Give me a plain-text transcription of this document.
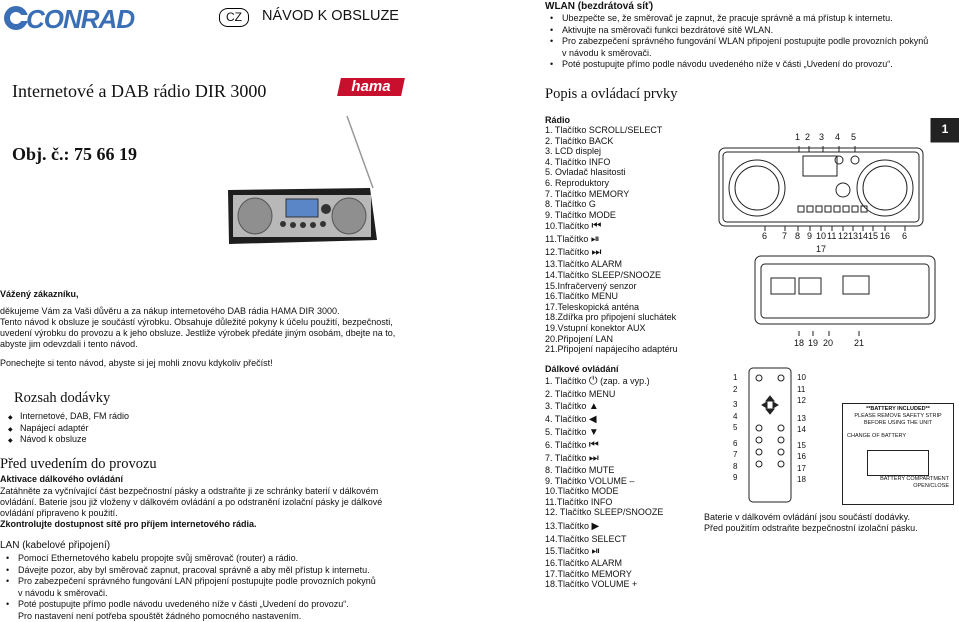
CONRAD	CZ	NÁVOD K OBSLUZE
Internetové a DAB rádio DIR 3000	hama
Obj. č.: 75 66 19
Vážený zákazníku,

děkujeme Vám za Vaši důvěru a za nákup internetového DAB rádia HAMA DIR 3000.

Tento návod k obsluze je součástí výrobku. Obsahuje důležité pokyny k účelu použití, bezpečnosti,

uvedení výrobku do provozu a k jeho obsluze. Jestliže výrobek předáte jiným osobám, dbejte na to,

abyste jim odevzdali i tento návod.

Ponechejte si tento návod, abyste si jej mohli znovu kdykoliv přečíst!
Rozsah dodávky
◆ Internetové, DAB, FM rádio
◆ Napájecí adaptér
◆ Návod k obsluze
Před uvedením do provozu
Aktivace dálkového ovládání

Zatáhněte za vyčnívající část bezpečnostní pásky a odstraňte ji ze schránky baterií v dálkovém

ovládání. Baterie jsou již vloženy v dálkovém ovládání a po odstranění izolační pásky je dálkové

ovládání připraveno k použití.

Zkontrolujte dostupnost sítě pro příjem internetového rádia.
LAN (kabelové připojení)
• Pomocí Ethernetového kabelu propojte svůj směrovač (router) a rádio.
• Dávejte pozor, aby byl směrovač zapnut, pracoval správně a aby měl přístup k internetu.
• Pro zabezpečení správného fungování LAN připojení postupujte podle provozních pokynů
v návodu k směrovači.
• Poté postupujte přímo podle návodu uvedeného níže v části „Uvedení do provozu“.
Pro nastavení není potřeba spouštět žádného pomocného nastavením.
WLAN (bezdrátová síť)
• Ubezpečte se, že směrovač je zapnut, že pracuje správně a má přístup k internetu.
• Aktivujte na směrovači funkci bezdrátové sítě WLAN.
• Pro zabezpečení správného fungování WLAN připojení postupujte podle provozních pokynů
v návodu k směrovači.
• Poté postupujte přímo podle návodu uvedeného níže v části „Uvedení do provozu“.
Popis a ovládací prvky
Rádio
1. Tlačítko SCROLL/SELECT
2. Tlačítko BACK
3. LCD displej
4. Tlačítko INFO
5. Ovladač hlasitosti
6. Reproduktory
7. Tlačítko MEMORY
8. Tlačítko G
9. Tlačítko MODE
10.Tlačítko ⏮
11.Tlačítko ⏯
12.Tlačítko ⏭
13.Tlačítko ALARM
14.Tlačítko SLEEP/SNOOZE
15.Infračervený senzor
16.Tlačítko MENU
17.Teleskopická anténa
18.Zdířka pro připojení sluchátek
19.Vstupní konektor AUX
20.Připojení LAN
21.Připojení napájecího adaptéru
1
1 2 3 4 5
6 7 8 9 10 11 12 13 14 15 16 6
17
18 19 20 21
Dálkové ovládání
1. Tlačítko ⏻ (zap. a vyp.)
2. Tlačítko MENU
3. Tlačítko ▲
4. Tlačítko ◀
5. Tlačítko ▼
6. Tlačítko ⏮
7. Tlačítko ⏭
8. Tlačítko MUTE
9. Tlačítko VOLUME –
10.Tlačítko MODE
11.Tlačítko INFO
12. Tlačítko SLEEP/SNOOZE
13.Tlačítko ▶
14.Tlačítko SELECT
15.Tlačítko ⏯
16.Tlačítko ALARM
17.Tlačítko MEMORY
18.Tlačítko VOLUME +
1
2
3
4
5
6
7
8
9
10
11
12
13
14
15
16
17
18
**BATTERY INCLUDED**
PLEASE REMOVE SAFETY STRIP
BEFORE USING THE UNIT
CHANGE OF BATTERY
BATTERY COMPARTMENT
OPEN/CLOSE

Baterie v dálkovém ovládání jsou součástí dodávky.

Před použitím odstraňte bezpečnostní izolační pásku.
